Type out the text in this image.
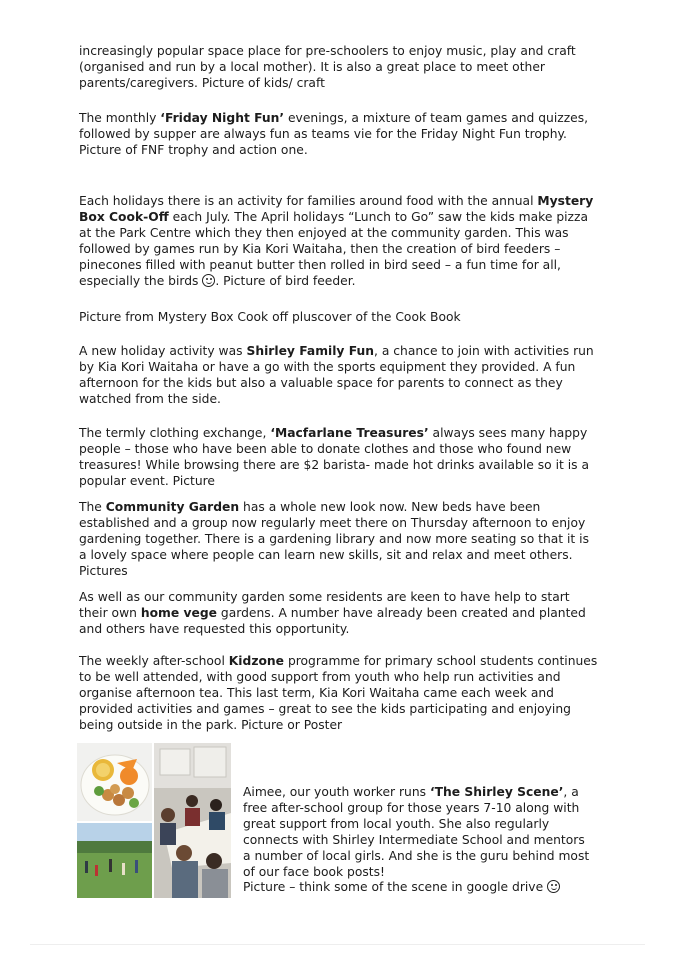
increasingly popular space place for pre-schoolers to enjoy music, play and craft (organised and run by a local mother). It is also a great place to meet other parents/caregivers. Picture of kids/ craft

The monthly ‘Friday Night Fun’ evenings, a mixture of team games and quizzes, followed by supper are always fun as teams vie for the Friday Night Fun trophy. Picture of FNF trophy and action one.

Each holidays there is an activity for families around food with the annual Mystery Box Cook-Off each July. The April holidays “Lunch to Go” saw the kids make pizza at the Park Centre which they then enjoyed at the community garden. This was followed by games run by Kia Kori Waitaha, then the creation of bird feeders – pinecones filled with peanut butter then rolled in bird seed – a fun time for all, especially the birds . Picture of bird feeder.

Picture from Mystery Box Cook off pluscover of the Cook Book

A new holiday activity was Shirley Family Fun, a chance to join with activities run by Kia Kori Waitaha or have a go with the sports equipment they provided. A fun afternoon for the kids but also a valuable space for parents to connect as they watched from the side.

The termly clothing exchange, ‘Macfarlane Treasures’ always sees many happy people – those who have been able to donate clothes and those who found new treasures! While browsing there are $2 barista- made hot drinks available so it is a popular event. Picture

The Community Garden has a whole new look now. New beds have been established and a group now regularly meet there on Thursday afternoon to enjoy gardening together. There is a gardening library and now more seating so that it is a lovely space where people can learn new skills, sit and relax and meet others. Pictures

As well as our community garden some residents are keen to have help to start their own home vege gardens. A number have already been created and planted and others have requested this opportunity.

The weekly after-school Kidzone programme for primary school students continues to be well attended, with good support from youth who help run activities and organise afternoon tea. This last term, Kia Kori Waitaha came each week and provided activities and games – great to see the kids participating and enjoying being outside in the park. Picture or Poster

Aimee, our youth worker runs ‘The Shirley Scene’, a free after-school group for those years 7-10 along with great support from local youth. She also regularly connects with Shirley Intermediate School and mentors a number of local girls. And she is the guru behind most of our face book posts!
Picture – think some of the scene in google drive
